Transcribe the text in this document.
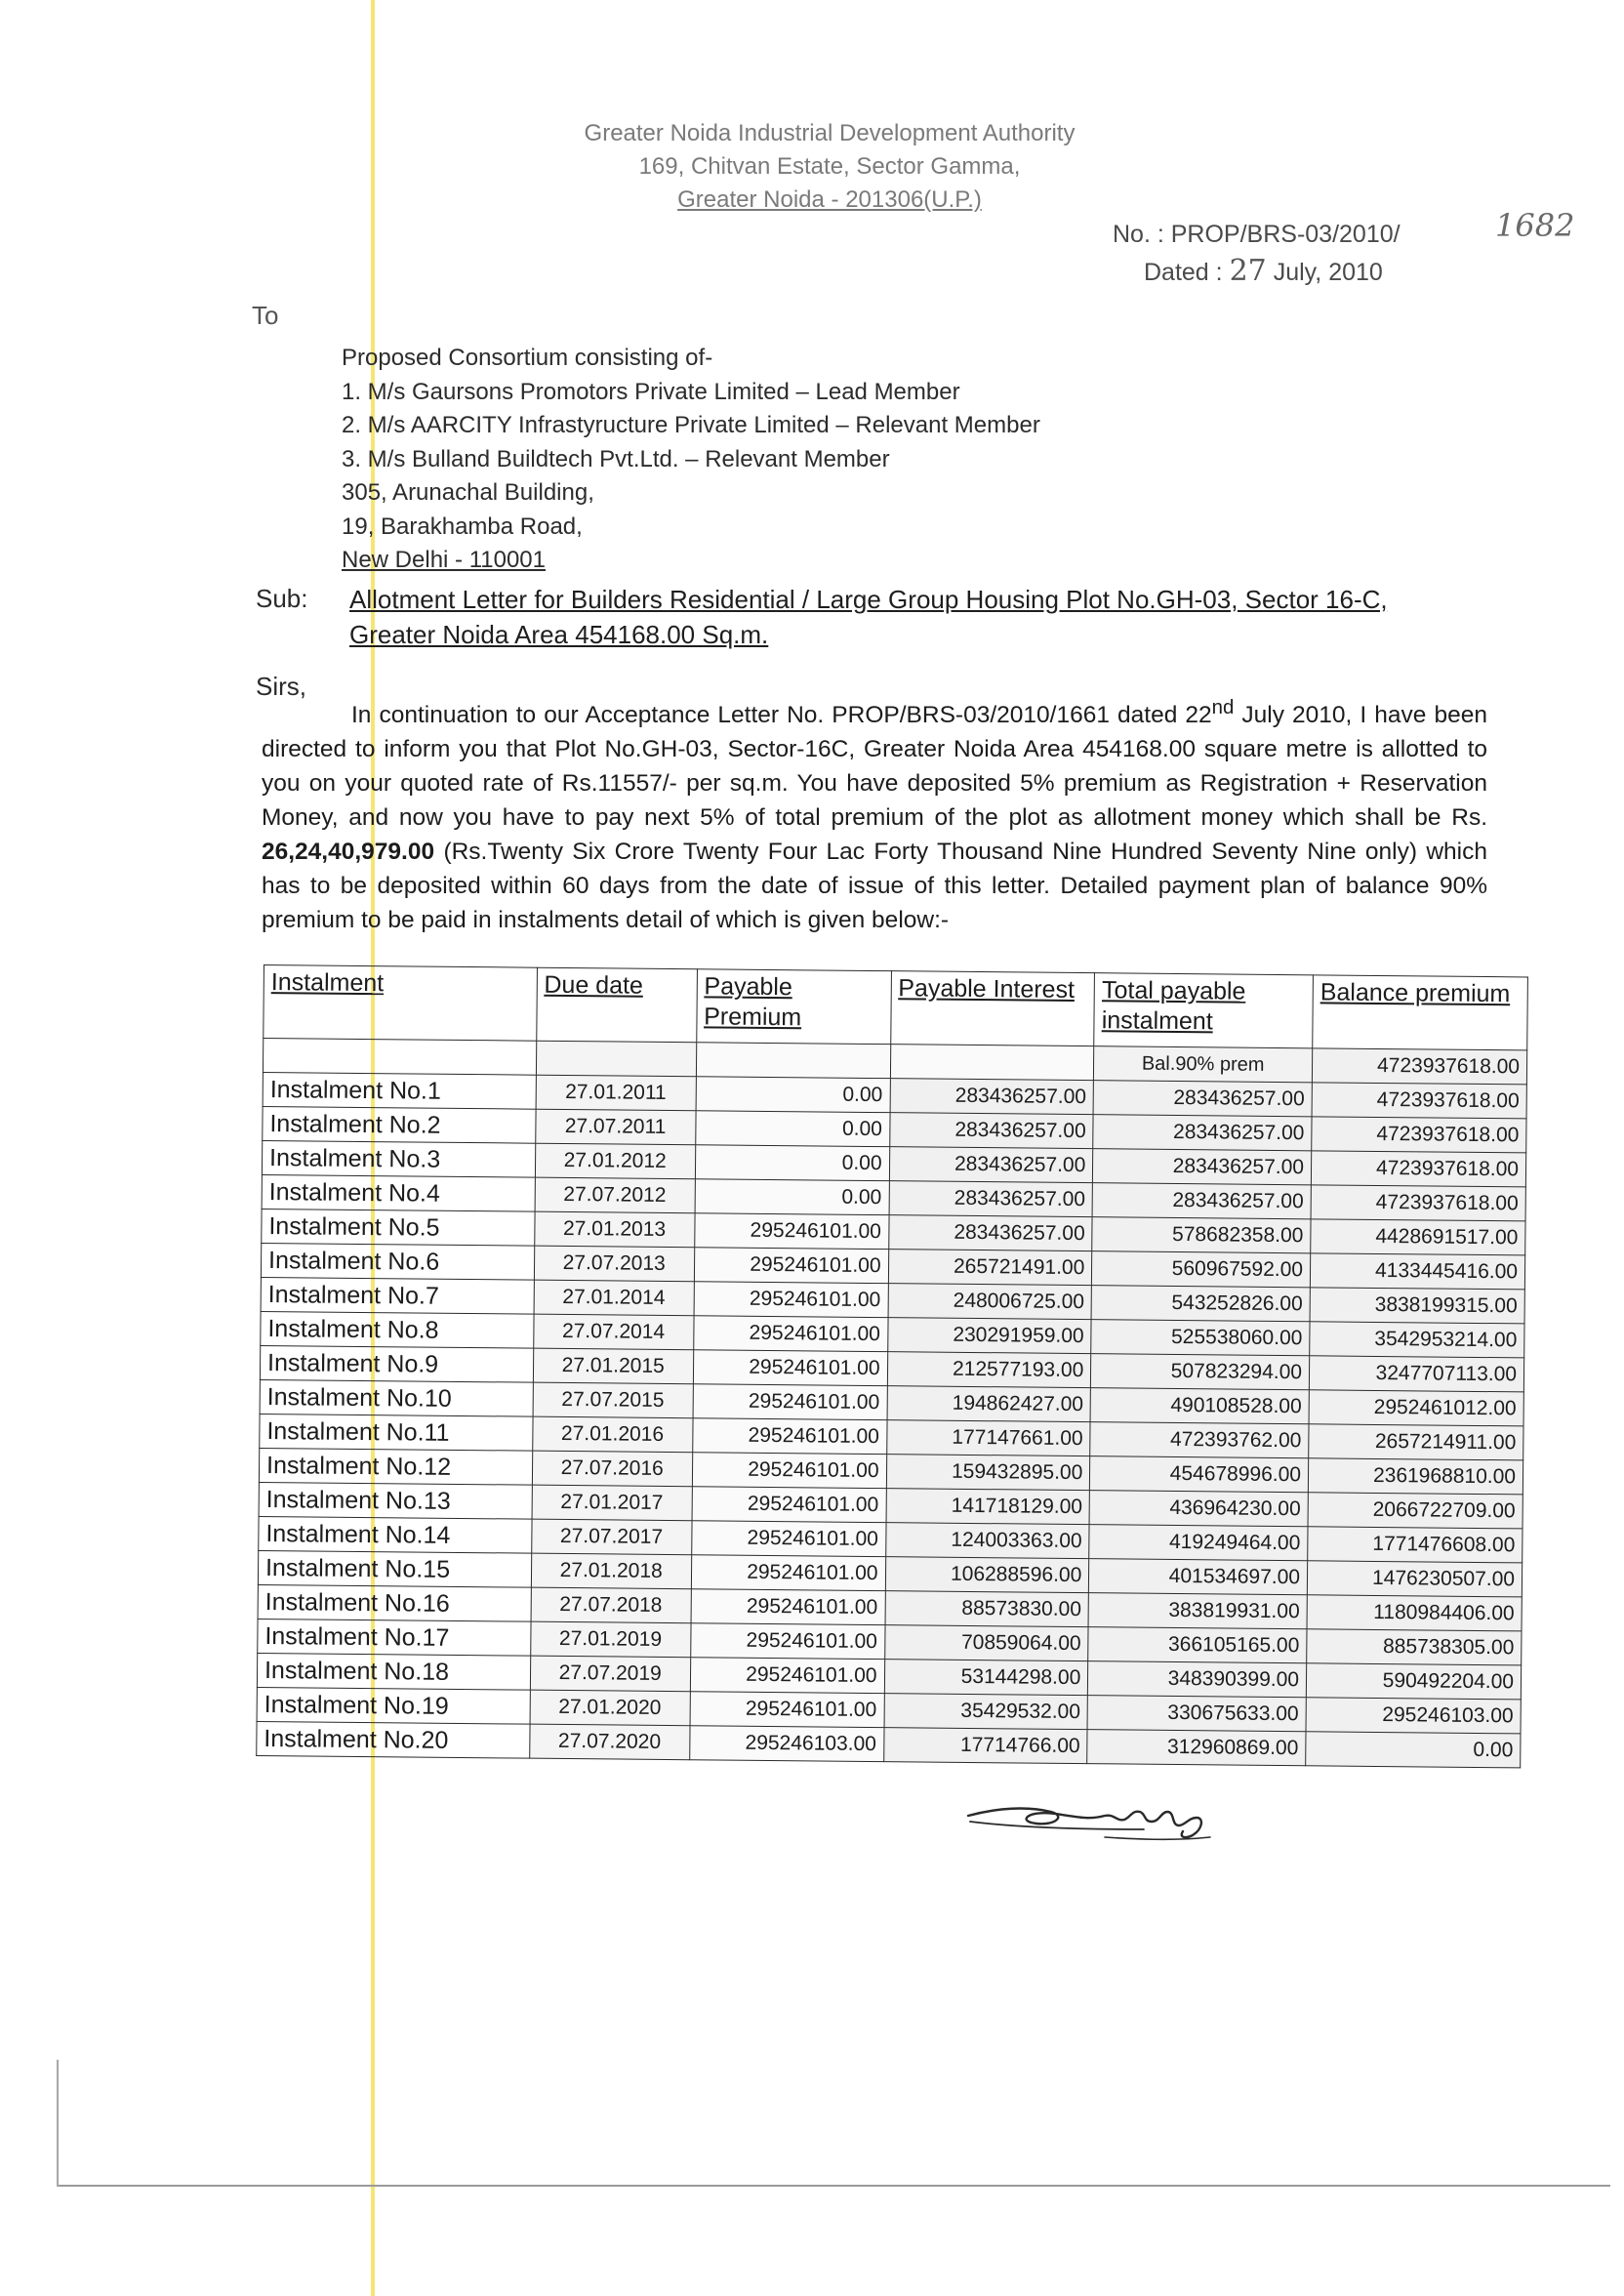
Greater Noida Industrial Development Authority
169, Chitvan Estate, Sector Gamma,
Greater Noida - 201306(U.P.)
No. : PROP/BRS-03/2010/	1682
Dated : 27 July, 2010
To
Proposed Consortium consisting of-
1. M/s Gaursons Promotors Private Limited – Lead Member
2. M/s AARCITY Infrastyructure Private Limited – Relevant Member
3. M/s Bulland Buildtech Pvt.Ltd. – Relevant Member
305, Arunachal Building,
19, Barakhamba Road,
New Delhi - 110001
Sub: Allotment Letter for Builders Residential / Large Group Housing Plot No.GH-03, Sector 16-C, Greater Noida Area 454168.00 Sq.m.
Sirs,
In continuation to our Acceptance Letter No. PROP/BRS-03/2010/1661 dated 22nd July 2010, I have been directed to inform you that Plot No.GH-03, Sector-16C, Greater Noida Area 454168.00 square metre is allotted to you on your quoted rate of Rs.11557/- per sq.m. You have deposited 5% premium as Registration + Reservation Money, and now you have to pay next 5% of total premium of the plot as allotment money which shall be Rs. 26,24,40,979.00 (Rs.Twenty Six Crore Twenty Four Lac Forty Thousand Nine Hundred Seventy Nine only) which has to be deposited within 60 days from the date of issue of this letter. Detailed payment plan of balance 90% premium to be paid in instalments detail of which is given below:-
Instalment	Due date	Payable Premium	Payable Interest	Total payable instalment	Balance premium
				Bal.90% prem	4723937618.00
Instalment No.1	27.01.2011	0.00	283436257.00	283436257.00	4723937618.00
Instalment No.2	27.07.2011	0.00	283436257.00	283436257.00	4723937618.00
Instalment No.3	27.01.2012	0.00	283436257.00	283436257.00	4723937618.00
Instalment No.4	27.07.2012	0.00	283436257.00	283436257.00	4723937618.00
Instalment No.5	27.01.2013	295246101.00	283436257.00	578682358.00	4428691517.00
Instalment No.6	27.07.2013	295246101.00	265721491.00	560967592.00	4133445416.00
Instalment No.7	27.01.2014	295246101.00	248006725.00	543252826.00	3838199315.00
Instalment No.8	27.07.2014	295246101.00	230291959.00	525538060.00	3542953214.00
Instalment No.9	27.01.2015	295246101.00	212577193.00	507823294.00	3247707113.00
Instalment No.10	27.07.2015	295246101.00	194862427.00	490108528.00	2952461012.00
Instalment No.11	27.01.2016	295246101.00	177147661.00	472393762.00	2657214911.00
Instalment No.12	27.07.2016	295246101.00	159432895.00	454678996.00	2361968810.00
Instalment No.13	27.01.2017	295246101.00	141718129.00	436964230.00	2066722709.00
Instalment No.14	27.07.2017	295246101.00	124003363.00	419249464.00	1771476608.00
Instalment No.15	27.01.2018	295246101.00	106288596.00	401534697.00	1476230507.00
Instalment No.16	27.07.2018	295246101.00	88573830.00	383819931.00	1180984406.00
Instalment No.17	27.01.2019	295246101.00	70859064.00	366105165.00	885738305.00
Instalment No.18	27.07.2019	295246101.00	53144298.00	348390399.00	590492204.00
Instalment No.19	27.01.2020	295246101.00	35429532.00	330675633.00	295246103.00
Instalment No.20	27.07.2020	295246103.00	17714766.00	312960869.00	0.00
